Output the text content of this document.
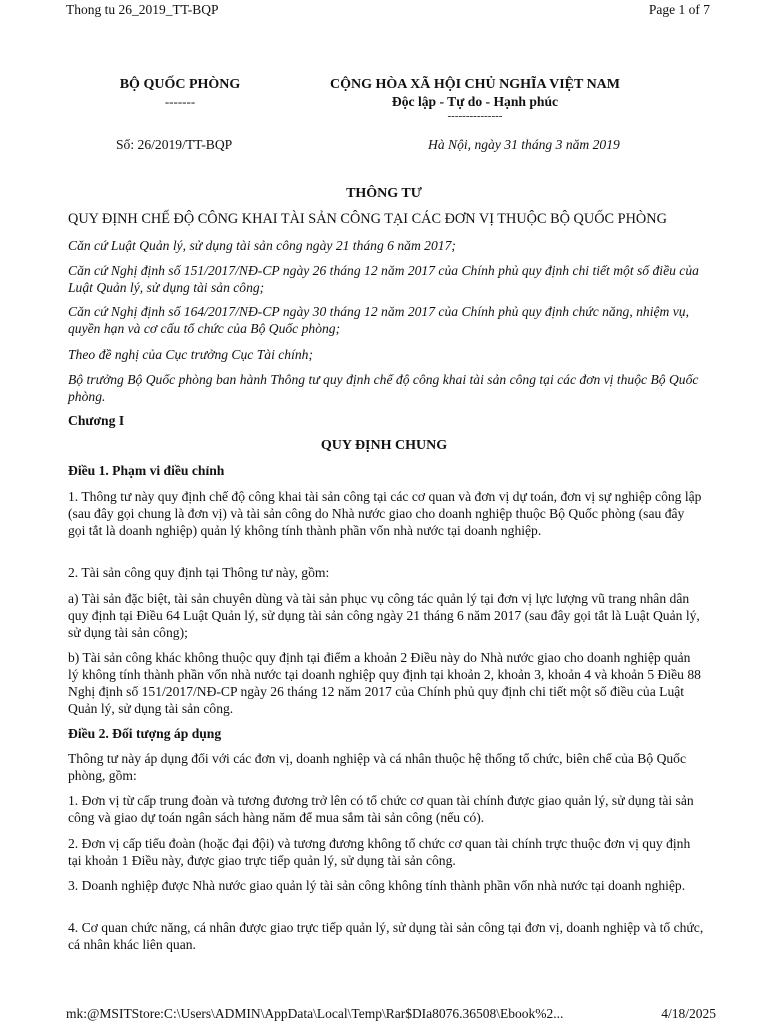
Thong tu 26_2019_TT-BQP	Page 1 of 7
BỘ QUỐC PHÒNG
-------
CỘNG HÒA XÃ HỘI CHỦ NGHĨA VIỆT NAM
Độc lập - Tự do - Hạnh phúc
---------------
Số: 26/2019/TT-BQP	Hà Nội, ngày 31 tháng 3 năm 2019
THÔNG TƯ
QUY ĐỊNH CHẾ ĐỘ CÔNG KHAI TÀI SẢN CÔNG TẠI CÁC ĐƠN VỊ THUỘC BỘ QUỐC PHÒNG
Căn cứ Luật Quản lý, sử dụng tài sản công ngày 21 tháng 6 năm 2017;
Căn cứ Nghị định số 151/2017/NĐ-CP ngày 26 tháng 12 năm 2017 của Chính phủ quy định chi tiết một số điều của Luật Quản lý, sử dụng tài sản công;
Căn cứ Nghị định số 164/2017/NĐ-CP ngày 30 tháng 12 năm 2017 của Chính phủ quy định chức năng, nhiệm vụ, quyền hạn và cơ cấu tổ chức của Bộ Quốc phòng;
Theo đề nghị của Cục trưởng Cục Tài chính;
Bộ trưởng Bộ Quốc phòng ban hành Thông tư quy định chế độ công khai tài sản công tại các đơn vị thuộc Bộ Quốc phòng.
Chương I
QUY ĐỊNH CHUNG
Điều 1. Phạm vi điều chỉnh
1. Thông tư này quy định chế độ công khai tài sản công tại các cơ quan và đơn vị dự toán, đơn vị sự nghiệp công lập (sau đây gọi chung là đơn vị) và tài sản công do Nhà nước giao cho doanh nghiệp thuộc Bộ Quốc phòng (sau đây gọi tắt là doanh nghiệp) quản lý không tính thành phần vốn nhà nước tại doanh nghiệp.
2. Tài sản công quy định tại Thông tư này, gồm:
a) Tài sản đặc biệt, tài sản chuyên dùng và tài sản phục vụ công tác quản lý tại đơn vị lực lượng vũ trang nhân dân quy định tại Điều 64 Luật Quản lý, sử dụng tài sản công ngày 21 tháng 6 năm 2017 (sau đây gọi tắt là Luật Quản lý, sử dụng tài sản công);
b) Tài sản công khác không thuộc quy định tại điểm a khoản 2 Điều này do Nhà nước giao cho doanh nghiệp quản lý không tính thành phần vốn nhà nước tại doanh nghiệp quy định tại khoản 2, khoản 3, khoản 4 và khoản 5 Điều 88 Nghị định số 151/2017/NĐ-CP ngày 26 tháng 12 năm 2017 của Chính phủ quy định chi tiết một số điều của Luật Quản lý, sử dụng tài sản công.
Điều 2. Đối tượng áp dụng
Thông tư này áp dụng đối với các đơn vị, doanh nghiệp và cá nhân thuộc hệ thống tổ chức, biên chế của Bộ Quốc phòng, gồm:
1. Đơn vị từ cấp trung đoàn và tương đương trở lên có tổ chức cơ quan tài chính được giao quản lý, sử dụng tài sản công và giao dự toán ngân sách hàng năm để mua sắm tài sản công (nếu có).
2. Đơn vị cấp tiểu đoàn (hoặc đại đội) và tương đương không tổ chức cơ quan tài chính trực thuộc đơn vị quy định tại khoản 1 Điều này, được giao trực tiếp quản lý, sử dụng tài sản công.
3. Doanh nghiệp được Nhà nước giao quản lý tài sản công không tính thành phần vốn nhà nước tại doanh nghiệp.
4. Cơ quan chức năng, cá nhân được giao trực tiếp quản lý, sử dụng tài sản công tại đơn vị, doanh nghiệp và tổ chức, cá nhân khác liên quan.
mk:@MSITStore:C:\Users\ADMIN\AppData\Local\Temp\Rar$DIa8076.36508\Ebook%2...	4/18/2025
